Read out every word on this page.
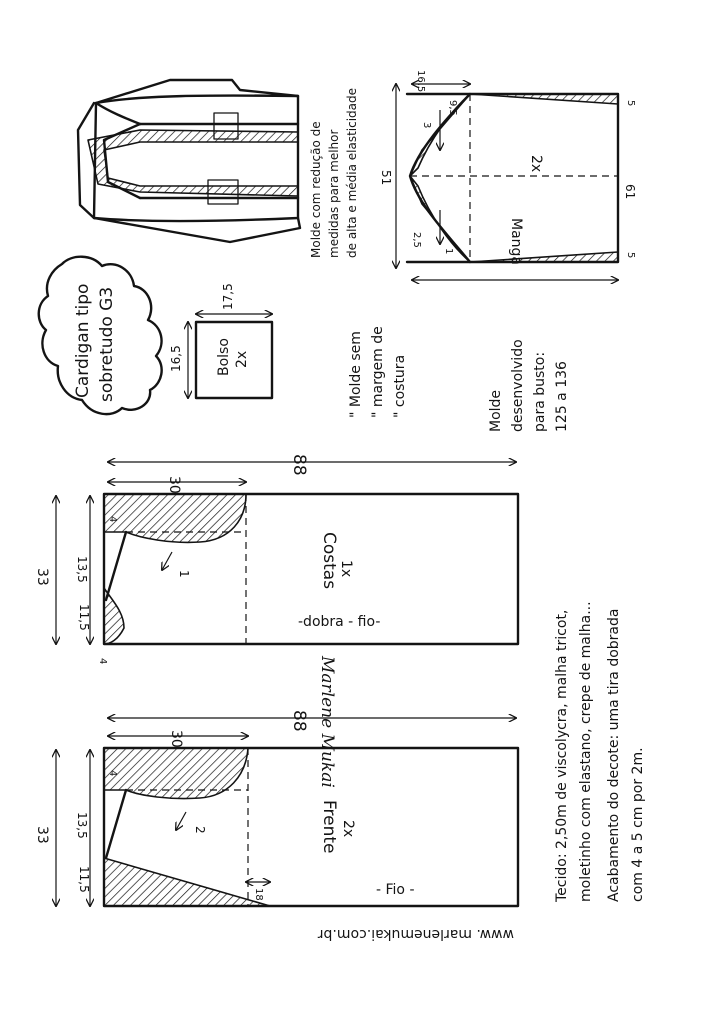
Manga
2x
61
51
16,5
9,5
3
2,5
1
5
5
Molde com redução de medidas para melhor de alta e média elasticidade
Cardigan tipo sobretudo G3	Bolso 2x
17,5
16,5	" Molde sem " margem de " costura	Molde desenvolvido para busto: 125 a 136
88
30
33 13,5
11,5
4
4
1	Costas 1x
-dobra - fio-
Marlene Mukai
88
30
33 13,5
11,5
4
18
2	Frente 2x
- Fio -	Tecido: 2,50m de viscolycra, malha tricot, moletinho com elastano, crepe de malha... Acabamento do decote: uma tira dobrada com 4 a 5 cm por 2m.
www. marlenemukai.com.br
